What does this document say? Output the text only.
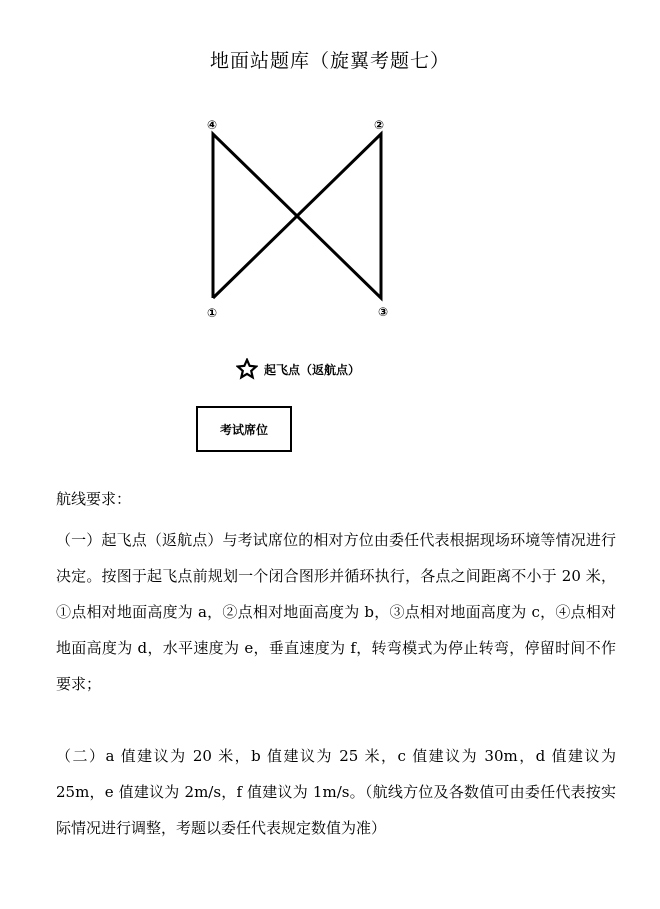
地面站题库（旋翼考题七）
④	②
①	③
起飞点（返航点）
考试席位
航线要求：
（一）起飞点（返航点）与考试席位的相对方位由委任代表根据现场环境等情况进行决定。按图于起飞点前规划一个闭合图形并循环执行，各点之间距离不小于 20 米，①点相对地面高度为 a，②点相对地面高度为 b，③点相对地面高度为 c，④点相对地面高度为 d，水平速度为 e，垂直速度为 f，转弯模式为停止转弯，停留时间不作要求；
（二）a 值建议为 20 米，b 值建议为 25 米，c 值建议为 30m，d 值建议为 25m，e 值建议为 2m/s，f 值建议为 1m/s。（航线方位及各数值可由委任代表按实际情况进行调整，考题以委任代表规定数值为准）
